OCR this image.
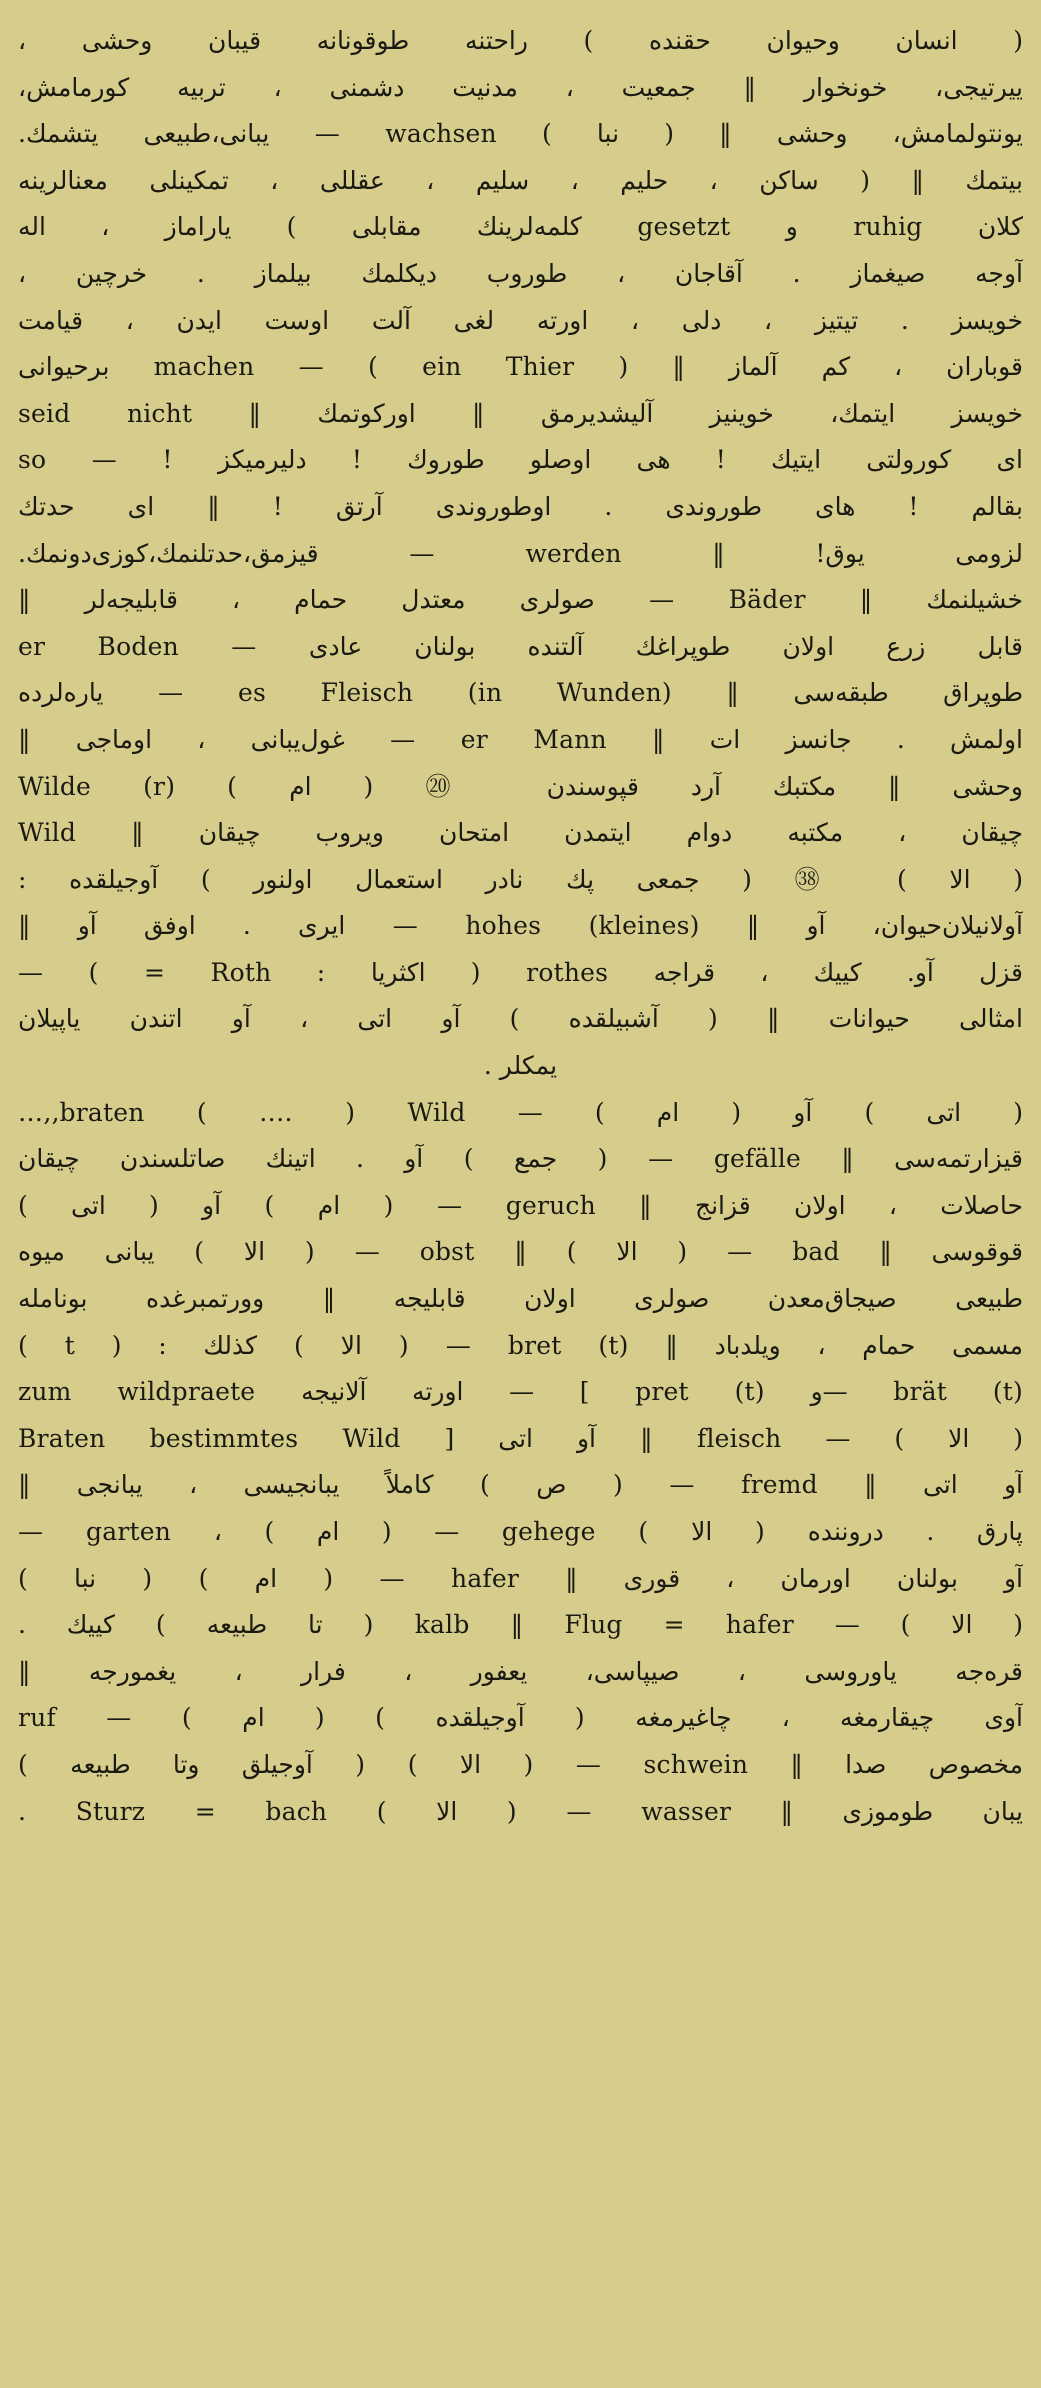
( انسان وحیوان حقنده ) راحتنه طوقونانه قیبان وحشی ،
ییرتیجی، خونخوار ‖ جمعیت ، مدنیت دشمنی ، تربیه کورمامش،
یونتولمامش، وحشی ‖ ( نبا ) wachsen — یبانی،طبیعی یتشمك.
بیتمك ‖ ( ساکن ، حلیم ، سلیم ، عقللی ، تمکینلی معنالرینه
کلان ruhig و gesetzt کلمه‌لرینك مقابلی ) یاراماز ، اله
آوجه صیغماز . آقاجان ، طوروب دیکلمك بیلماز . خرچین ،
خویسز . تیتیز ، دلی ، اورته لغی آلت اوست ایدن ، قیامت
قوباران ، کم آلماز ‖ machen — ( ein Thier ) برحیوانی
خویسز ایتمك، خوینیز آلیشدیرمق ‖ اورکوتمك ‖ seid nicht
so — ! ای کورولتی ایتیك ! هی اوصلو طوروك ! دلیرمیکز
بقالم ! های طوروندی . اوطوروندی آرتق ! ‖ ای حدتك
لزومی یوق! ‖ werden — قیزمق،حدتلنمك،کوزی‌دونمك.
خشیلنمك ‖ Bäder — صولری معتدل حمام ، قابلیجه‌لر ‖
er Boden — قابل زرع اولان طوپراغك آلتنده بولنان عادی
طوپراق طبقه‌سی ‖ es Fleisch (in Wunden) — یاره‌لرده
اولمش . جانسز ات ‖ er Mann — غول‌یبانی ، اوماجی ‖
Wilde (r) ( ام ) ⑳ وحشی ‖ مکتبك آرد قپوسندن
چیقان ، مکتبه دوام ایتمدن امتحان ویروب چیقان ‖ Wild
( الا ) ㊳ ( جمعی پك نادر استعمال اولنور ) آوجیلقده :
آولانیلان‌حیوان، آو ‖ hohes (kleines) — ایری . اوفق آو ‖
— ( = Roth : اکثریا ) rothes قزل آو. کییك ، قراجه
امثالی حیوانات ‖ ( آشبیلقده ) آو اتی ، آو اتندن یاپیلان
یمکلر .
( اتی ) آو ( ام ) — braten ( ‥‥ ) Wild‚‚…
قیزارتمه‌سی ‖ gefälle — ( جمع ) آو . اتینك صاتلسندن چیقان
حاصلات ، اولان قزانج ‖ geruch — ( ام ) آو ( اتی )
قوقوسی ‖ bad — ( الا ) ‖ obst — ( الا ) یبانی میوه
طبیعی صیجاق‌معدن صولری اولان قابلیجه ‖ وورتمبرغده بونامله
مسمی حمام ، ویلدباد ‖ bret (t) — ( الا ) کذلك : ( t )
zum wildpraete اورته آلانیجه — [ pret (t) و— brät (t)
( الا ) — fleisch ‖ آو اتی [ Braten bestimmtes Wild
آو اتی ‖ fremd — ( ص ) کاملاً یبانجیسی ، یبانجی ‖
— garten ، ( ام ) — gehege ( الا ) پارق . دروننده
آو بولنان اورمان ، قوری ‖ hafer — ( ام ) ( نبا )
( الا ) — kalb ‖ Flug = hafer ( تا طبیعه ) کییك .
قره‌جه یاوروسی ، صیپاسی، یعفور ، فرار ، یغمورجه ‖
ruf — ( ام ) ( آوجیلقده ) آوی چیقارمغه ، چاغیرمغه
مخصوص صدا ‖ schwein — ( الا ) ( آوجیلق وتا طبیعه )
یبان طوموزی ‖ wasser — ( الا ) Sturz = bach .
